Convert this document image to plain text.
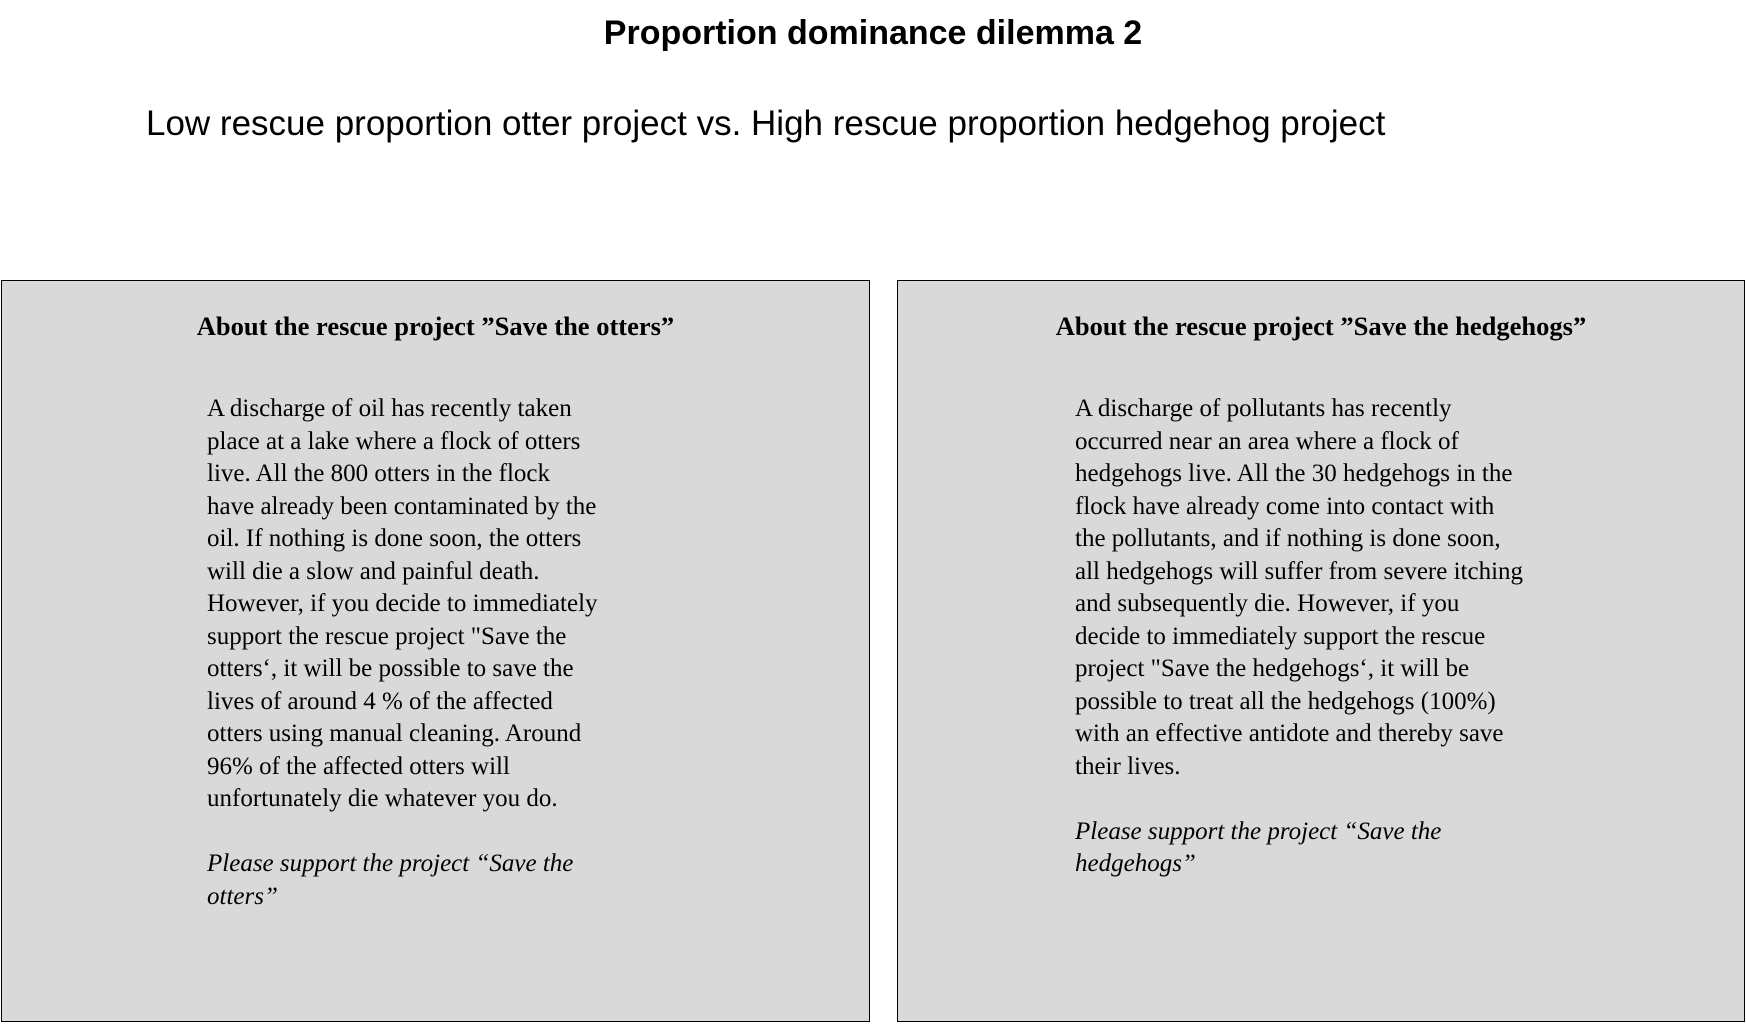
Proportion dominance dilemma 2
Low rescue proportion otter project vs. High rescue proportion hedgehog project
About the rescue project ”Save the otters”

A discharge of oil has recently taken
place at a lake where a flock of otters
live. All the 800 otters in the flock
have already been contaminated by the
oil. If nothing is done soon, the otters
will die a slow and painful death.
However, if you decide to immediately
support the rescue project "Save the
otters‘, it will be possible to save the
lives of around 4 % of the affected
otters using manual cleaning. Around
96% of the affected otters will
unfortunately die whatever you do.

Please support the project “Save the
otters”

About the rescue project ”Save the hedgehogs”

A discharge of pollutants has recently
occurred near an area where a flock of
hedgehogs live. All the 30 hedgehogs in the
flock have already come into contact with
the pollutants, and if nothing is done soon,
all hedgehogs will suffer from severe itching
and subsequently die. However, if you
decide to immediately support the rescue
project "Save the hedgehogs‘, it will be
possible to treat all the hedgehogs (100%)
with an effective antidote and thereby save
their lives.

Please support the project “Save the
hedgehogs”
